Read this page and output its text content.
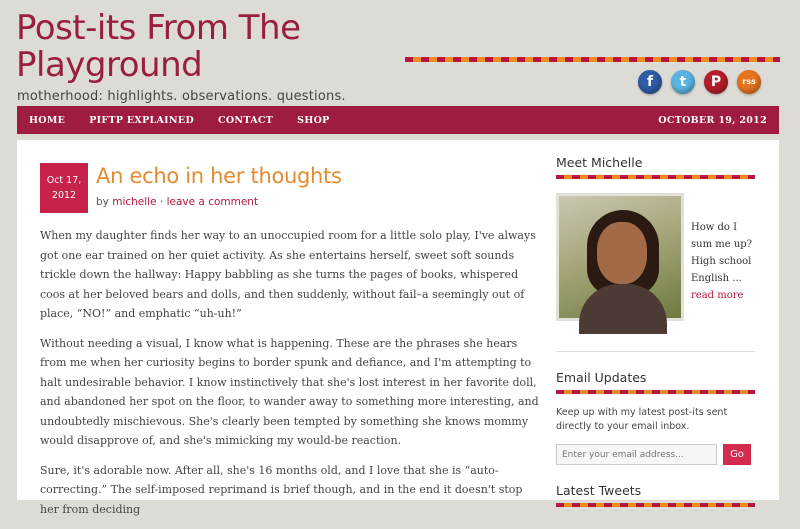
Post-its From The Playground
motherhood: highlights. observations. questions.
f	t	P	rss
HOME	PIFTP EXPLAINED	CONTACT	SHOP	OCTOBER 19, 2012
Oct 17,
2012
An echo in her thoughts
by michelle · leave a comment

When my daughter finds her way to an unoccupied room for a little solo play, I've always got one ear trained on her quiet activity. As she entertains herself, sweet soft sounds trickle down the hallway: Happy babbling as she turns the pages of books, whispered coos at her beloved bears and dolls, and then suddenly, without fail–a seemingly out of place, “NO!” and emphatic “uh-uh!”

Without needing a visual, I know what is happening. These are the phrases she hears from me when her curiosity begins to border spunk and defiance, and I'm attempting to halt undesirable behavior. I know instinctively that she's lost interest in her favorite doll, and abandoned her spot on the floor, to wander away to something more interesting, and undoubtedly mischievous. She's clearly been tempted by something she knows mommy would disapprove of, and she's mimicking my would-be reaction.

Sure, it's adorable now. After all, she's 16 months old, and I love that she is “auto-correcting.” The self-imposed reprimand is brief though, and in the end it doesn't stop her from deciding

Meet Michelle
How do I sum me up? High school English ...
read more
Email Updates
Keep up with my latest post-its sent directly to your email inbox.
Enter your email address...
Go
Latest Tweets
